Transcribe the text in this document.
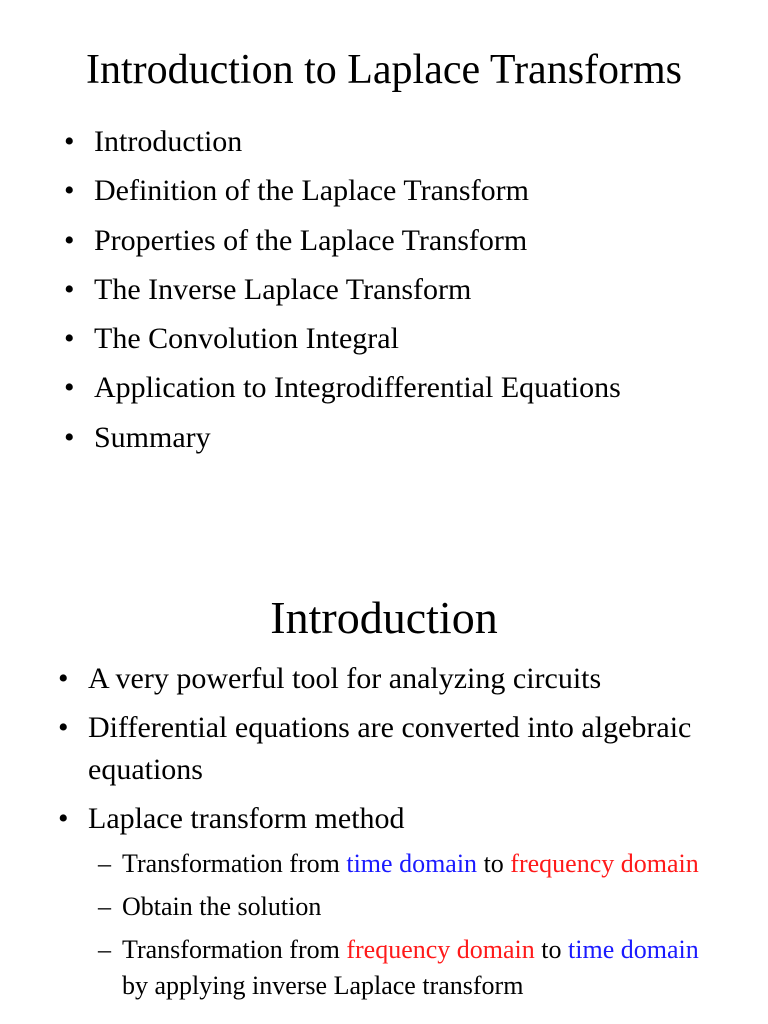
Introduction to Laplace Transforms
• Introduction
• Definition of the Laplace Transform
• Properties of the Laplace Transform
• The Inverse Laplace Transform
• The Convolution Integral
• Application to Integrodifferential Equations
• Summary
Introduction
• A very powerful tool for analyzing circuits
• Differential equations are converted into algebraic equations
• Laplace transform method
– Transformation from time domain to frequency domain
– Obtain the solution
– Transformation from frequency domain to time domain by applying inverse Laplace transform
